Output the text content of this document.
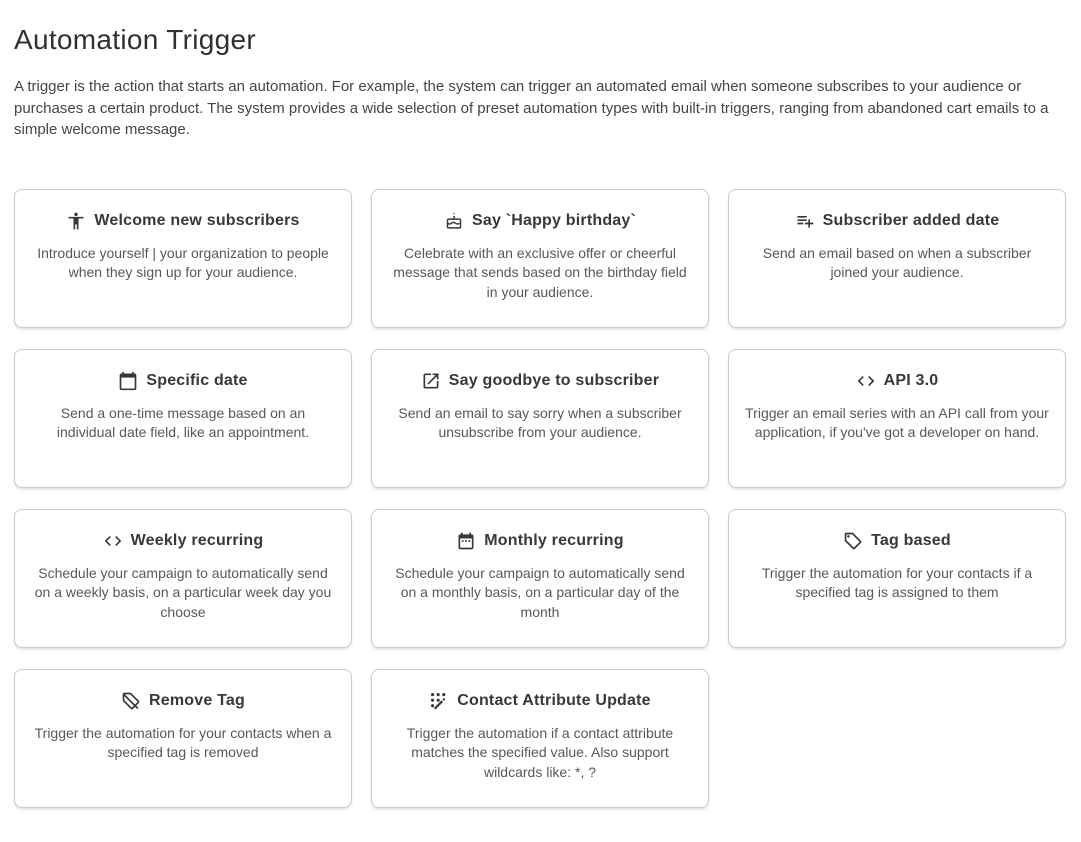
Automation Trigger

A trigger is the action that starts an automation. For example, the system can trigger an automated email when someone subscribes to your audience or purchases a certain product. The system provides a wide selection of preset automation types with built-in triggers, ranging from abandoned cart emails to a simple welcome message.

Welcome new subscribers

Introduce yourself | your organization to people when they sign up for your audience.

Say `Happy birthday`

Celebrate with an exclusive offer or cheerful message that sends based on the birthday field in your audience.

Subscriber added date

Send an email based on when a subscriber joined your audience.

Specific date

Send a one-time message based on an individual date field, like an appointment.

Say goodbye to subscriber

Send an email to say sorry when a subscriber unsubscribe from your audience.

API 3.0

Trigger an email series with an API call from your application, if you've got a developer on hand.

Weekly recurring

Schedule your campaign to automatically send on a weekly basis, on a particular week day you choose

Monthly recurring

Schedule your campaign to automatically send on a monthly basis, on a particular day of the month

Tag based

Trigger the automation for your contacts if a specified tag is assigned to them

Remove Tag

Trigger the automation for your contacts when a specified tag is removed

Contact Attribute Update

Trigger the automation if a contact attribute matches the specified value. Also support wildcards like: *, ?
